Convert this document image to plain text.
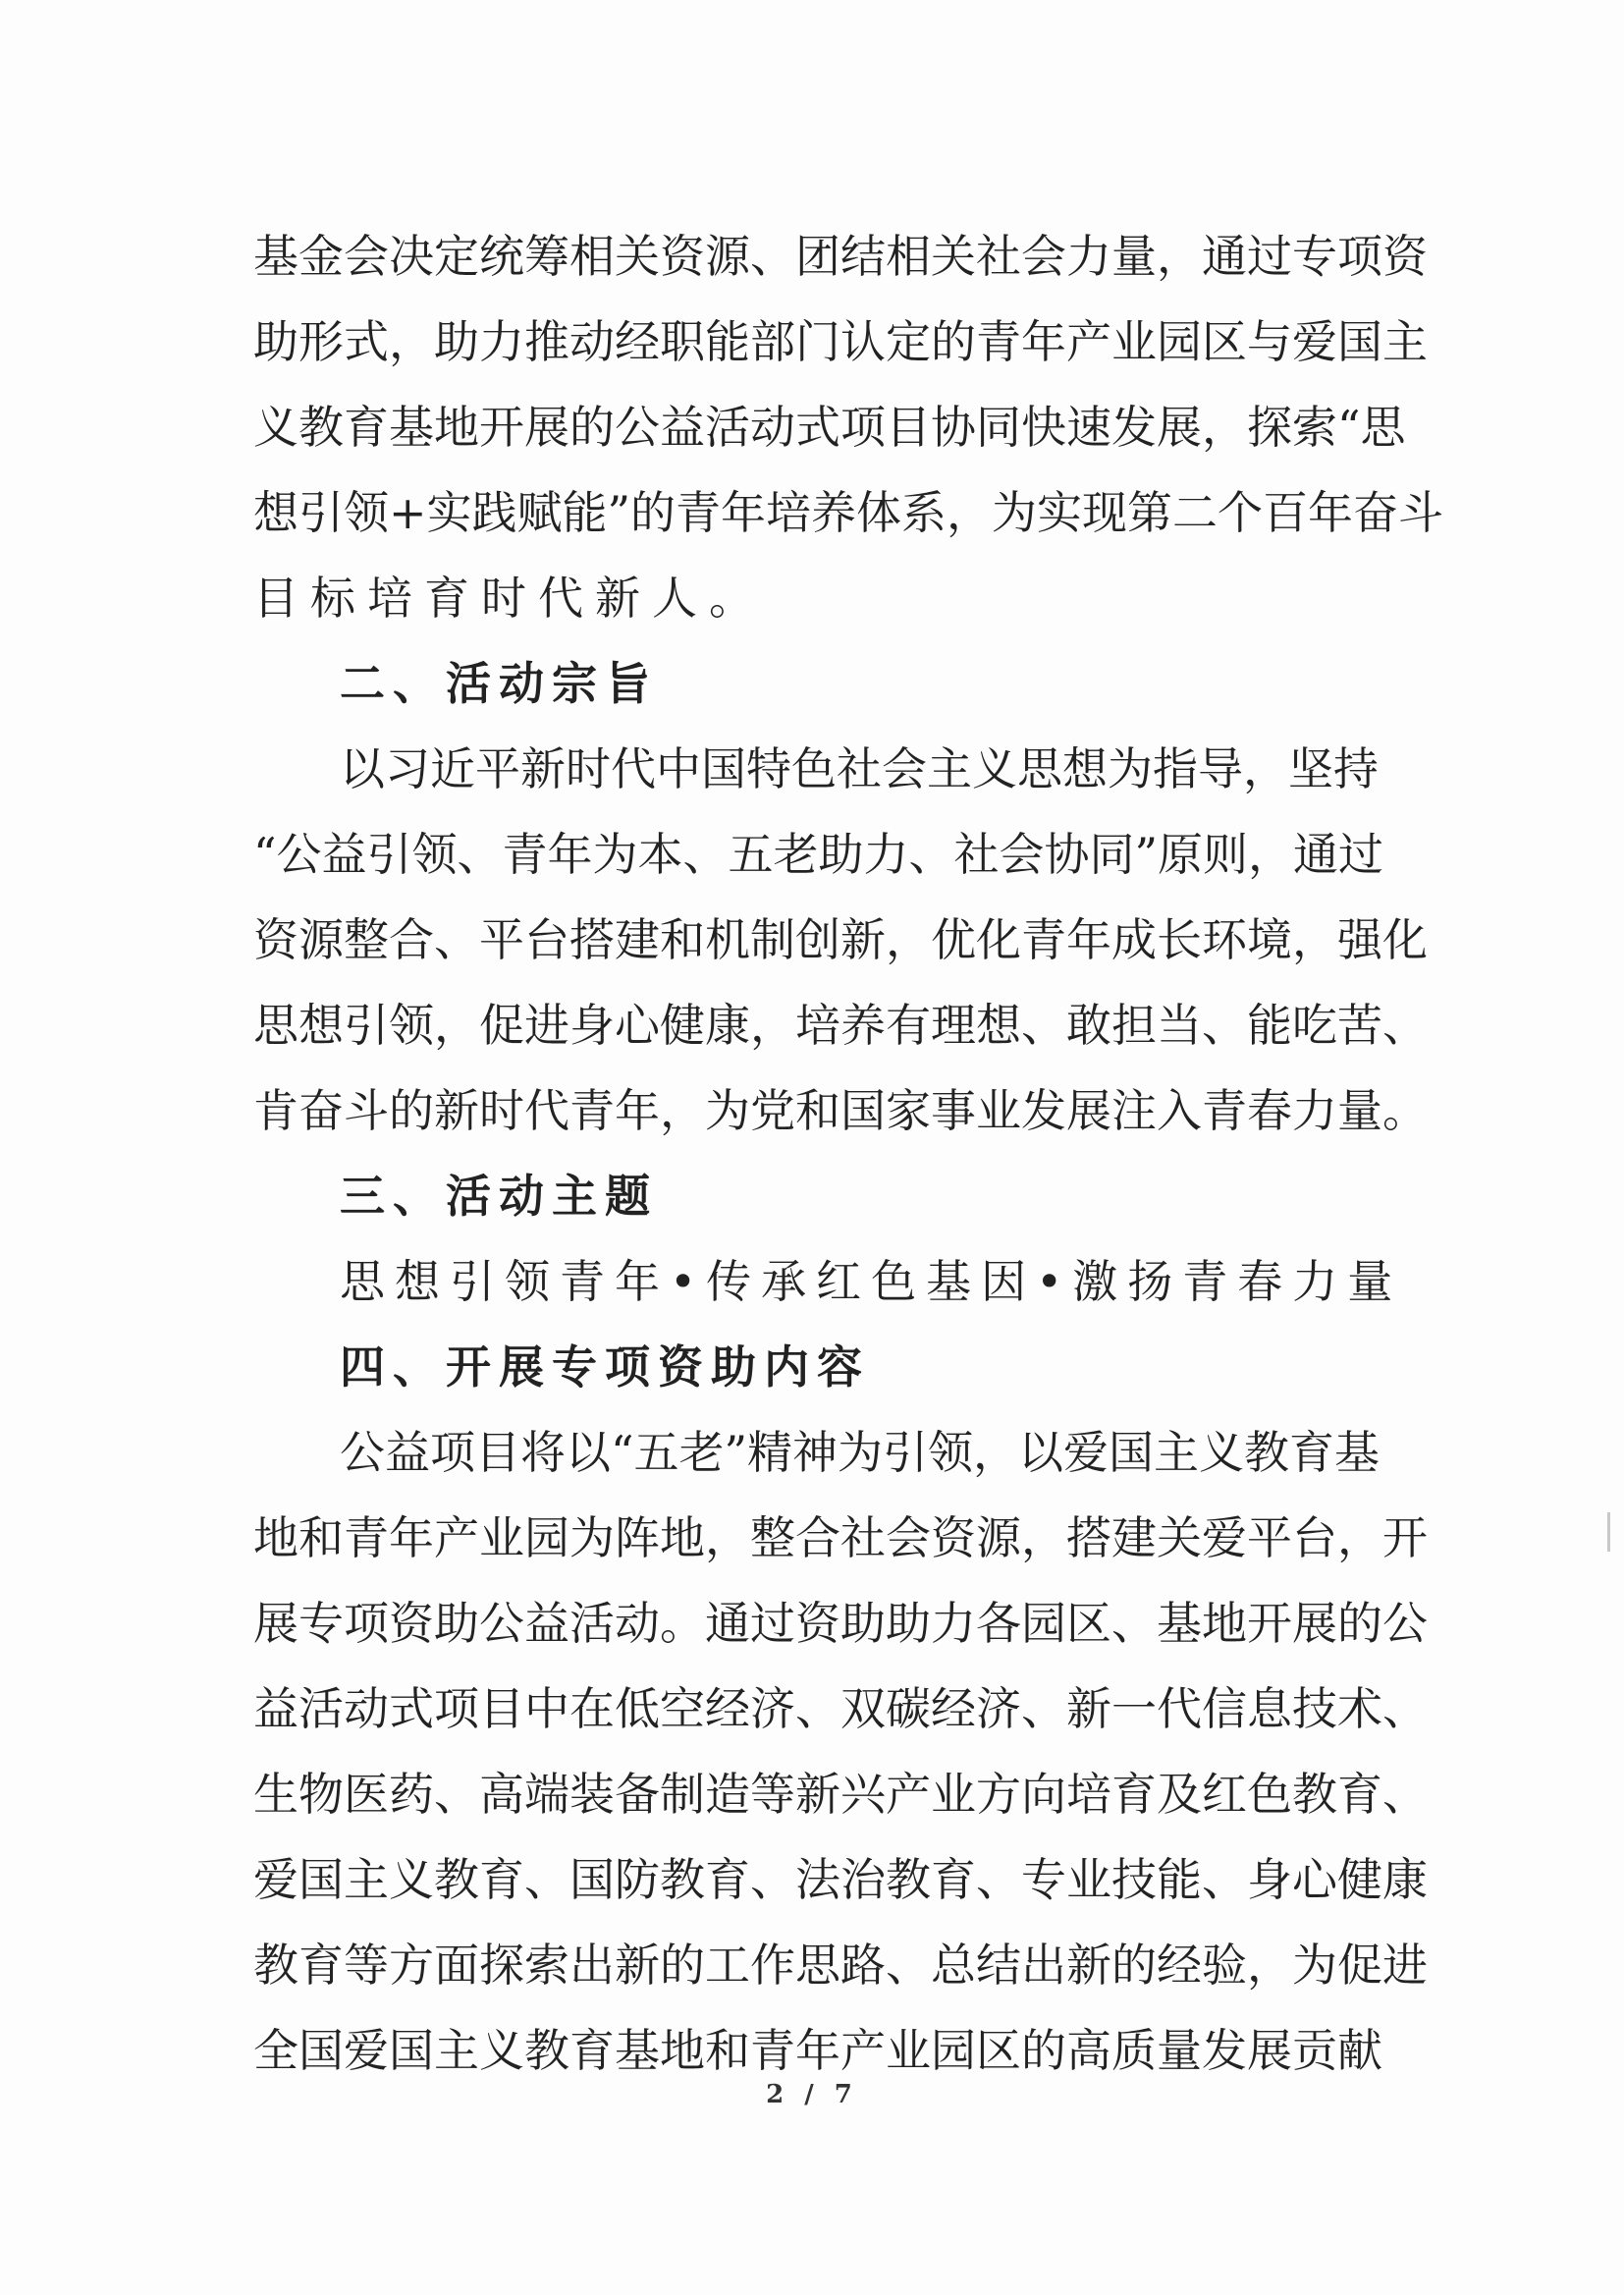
基金会决定统筹相关资源、团结相关社会力量，通过专项资
助形式，助力推动经职能部门认定的青年产业园区与爱国主
义教育基地开展的公益活动式项目协同快速发展，探索“思
想引领+实践赋能”的青年培养体系，为实现第二个百年奋斗
目标培育时代新人。
二、活动宗旨
以习近平新时代中国特色社会主义思想为指导，坚持
“公益引领、青年为本、五老助力、社会协同”原则，通过
资源整合、平台搭建和机制创新，优化青年成长环境，强化
思想引领，促进身心健康，培养有理想、敢担当、能吃苦、
肯奋斗的新时代青年，为党和国家事业发展注入青春力量。
三、活动主题
思想引领青年•传承红色基因•激扬青春力量
四、开展专项资助内容
公益项目将以“五老”精神为引领，以爱国主义教育基
地和青年产业园为阵地，整合社会资源，搭建关爱平台，开
展专项资助公益活动。通过资助助力各园区、基地开展的公
益活动式项目中在低空经济、双碳经济、新一代信息技术、
生物医药、高端装备制造等新兴产业方向培育及红色教育、
爱国主义教育、国防教育、法治教育、专业技能、身心健康
教育等方面探索出新的工作思路、总结出新的经验，为促进
全国爱国主义教育基地和青年产业园区的高质量发展贡献
2 / 7
